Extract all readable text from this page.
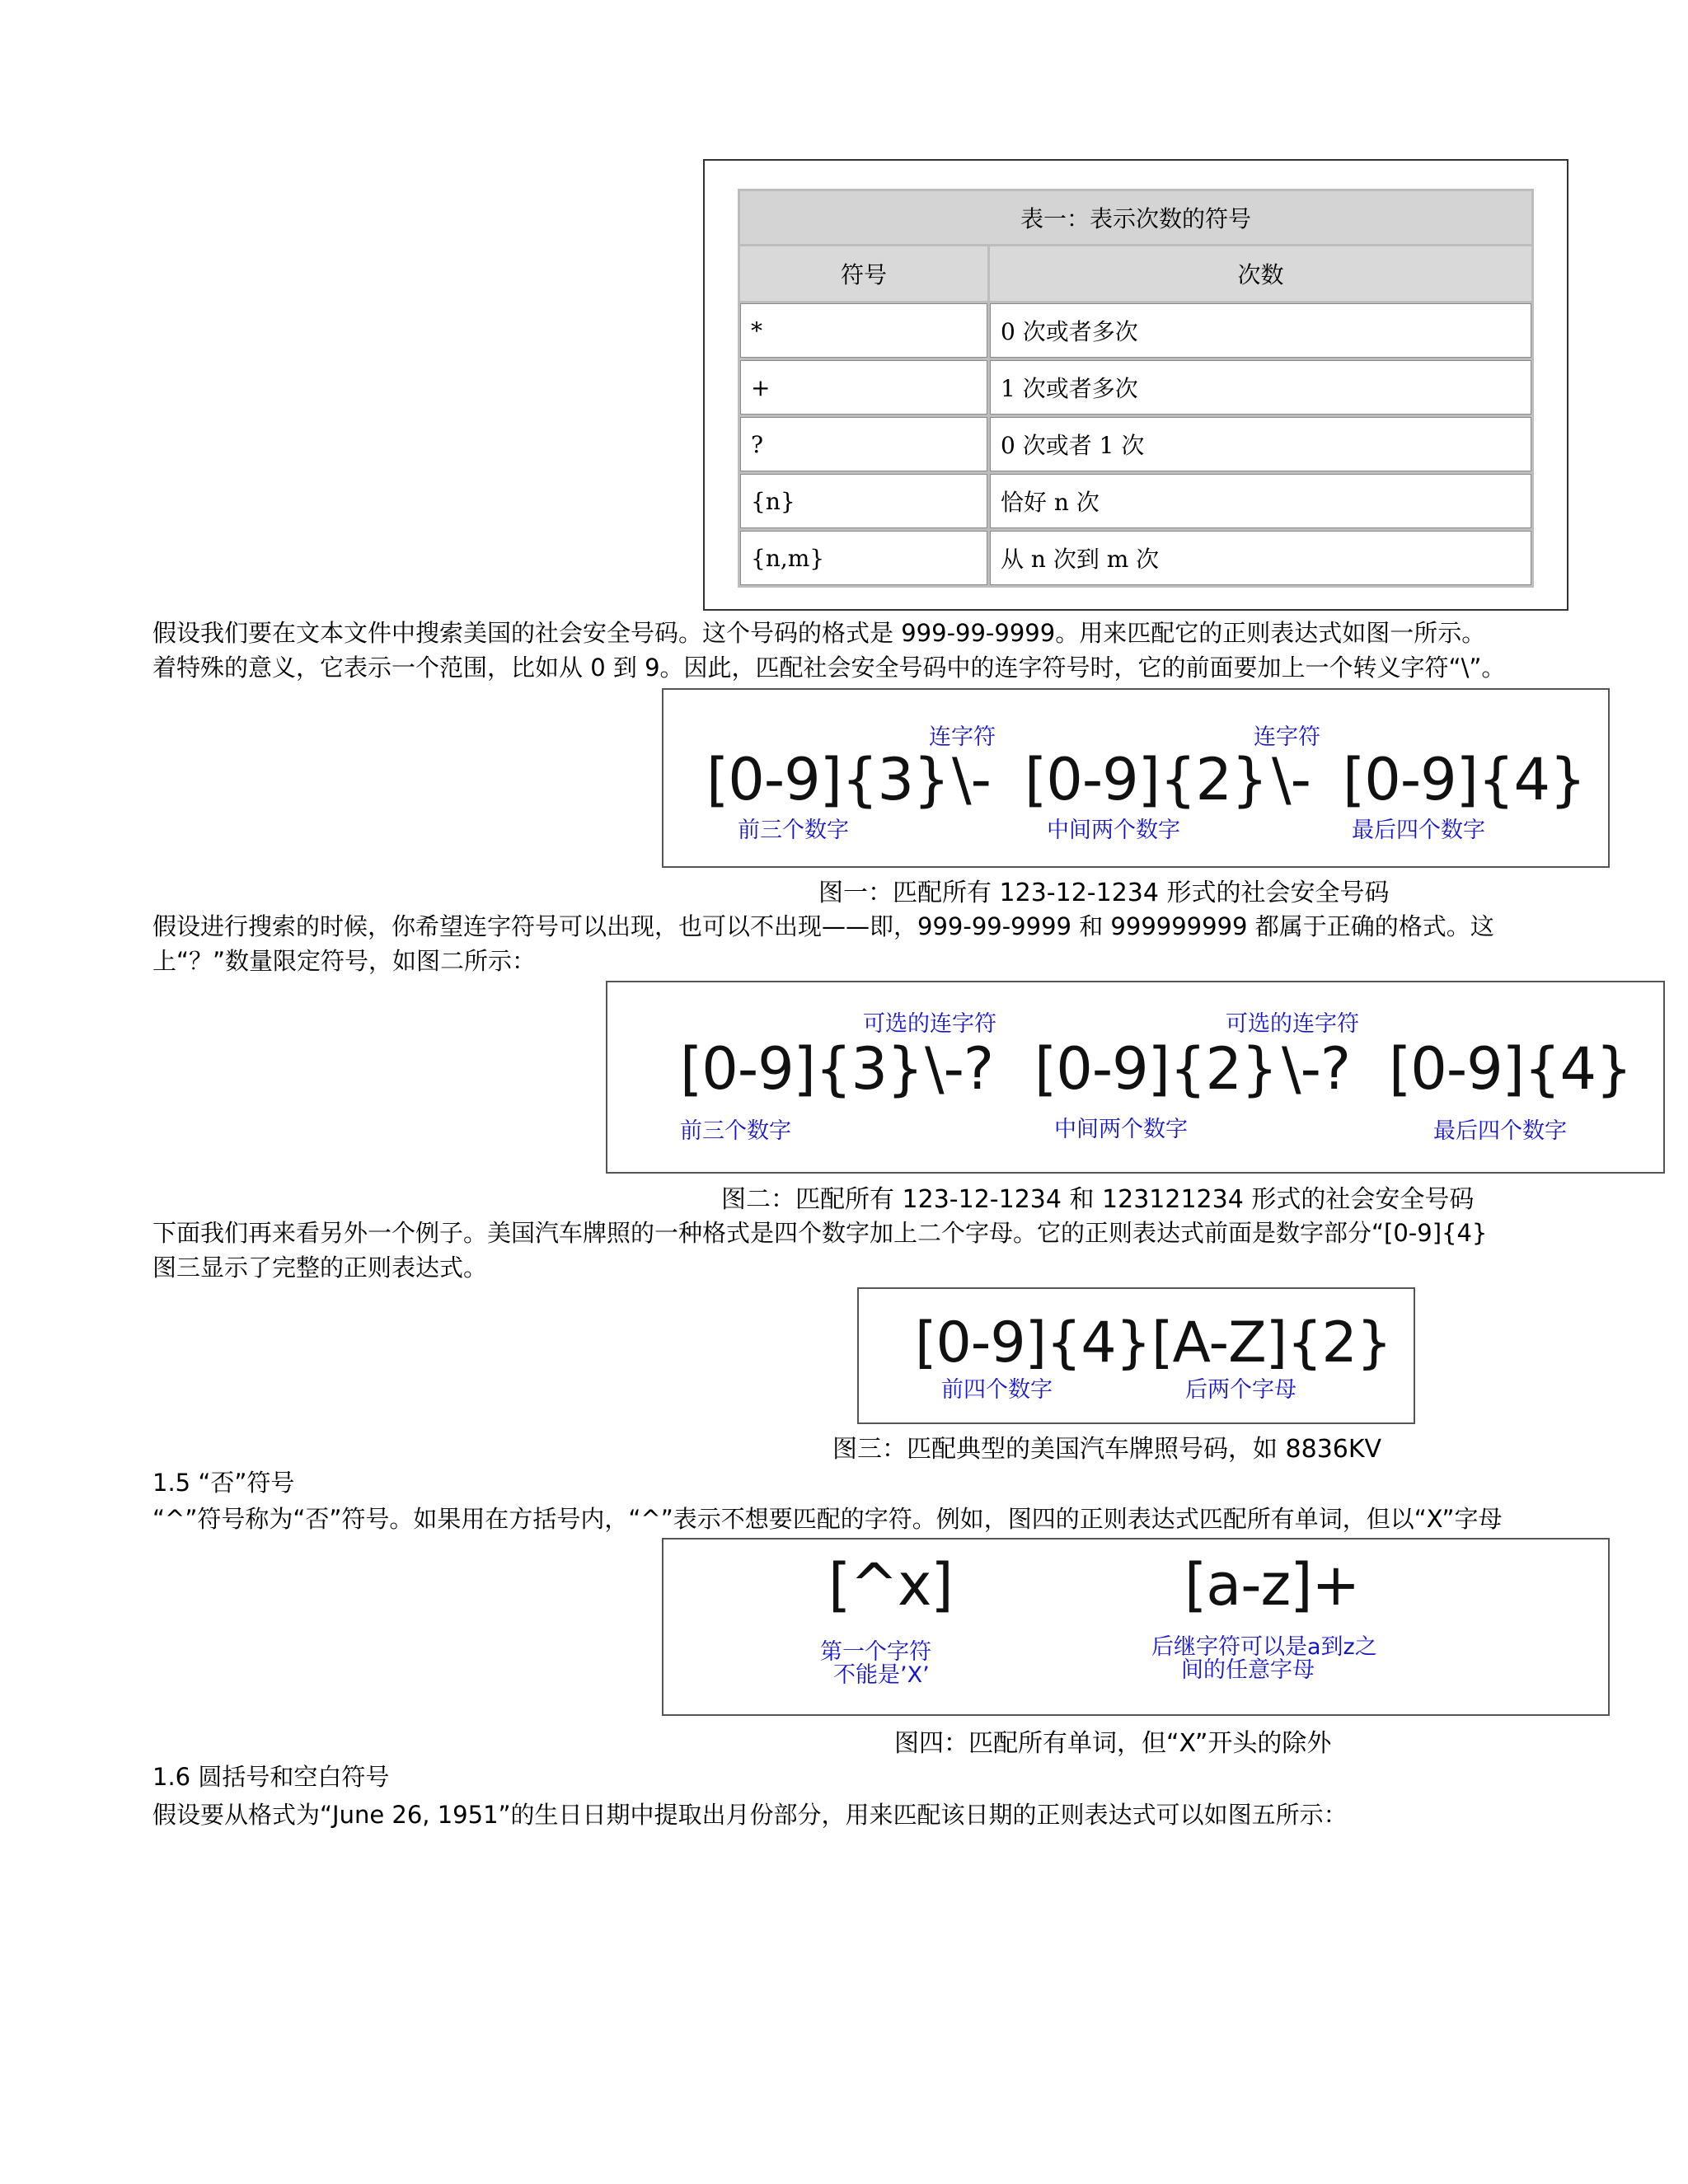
表一：表示次数的符号	
符号	次数
*	0 次或者多次
+	1 次或者多次
?	0 次或者 1 次
{n}	恰好 n 次
{n,m}	从 n 次到 m 次
假设我们要在文本文件中搜索美国的社会安全号码。这个号码的格式是 999-99-9999。用来匹配它的正则表达式如图一所示。
着特殊的意义，它表示一个范围，比如从 0 到 9。因此，匹配社会安全号码中的连字符号时，它的前面要加上一个转义字符“\”。
连字符	连字符
[0-9]{3} \- [0-9]{2} \- [0-9]{4}
前三个数字	中间两个数字	最后四个数字
图一：匹配所有 123-12-1234 形式的社会安全号码
假设进行搜索的时候，你希望连字符号可以出现，也可以不出现——即，999-99-9999 和 999999999 都属于正确的格式。这
上“？”数量限定符号，如图二所示：
可选的连字符	可选的连字符
[0-9]{3} \-? [0-9]{2} \-? [0-9]{4}
前三个数字	中间两个数字	最后四个数字
图二：匹配所有 123-12-1234 和 123121234 形式的社会安全号码
下面我们再来看另外一个例子。美国汽车牌照的一种格式是四个数字加上二个字母。它的正则表达式前面是数字部分“[0-9]{4}
图三显示了完整的正则表达式。
[0-9]{4} [A-Z]{2}
前四个数字	后两个字母
图三：匹配典型的美国汽车牌照号码，如 8836KV
1.5 “否”符号
“^”符号称为“否”符号。如果用在方括号内，“^”表示不想要匹配的字符。例如，图四的正则表达式匹配所有单词，但以“X”字母
[^x]	[a-z]+
第一个字符
不能是’X’
后继字符可以是a到z之
间的任意字母
图四：匹配所有单词，但“X”开头的除外
1.6 圆括号和空白符号
假设要从格式为“June 26, 1951”的生日日期中提取出月份部分，用来匹配该日期的正则表达式可以如图五所示：
